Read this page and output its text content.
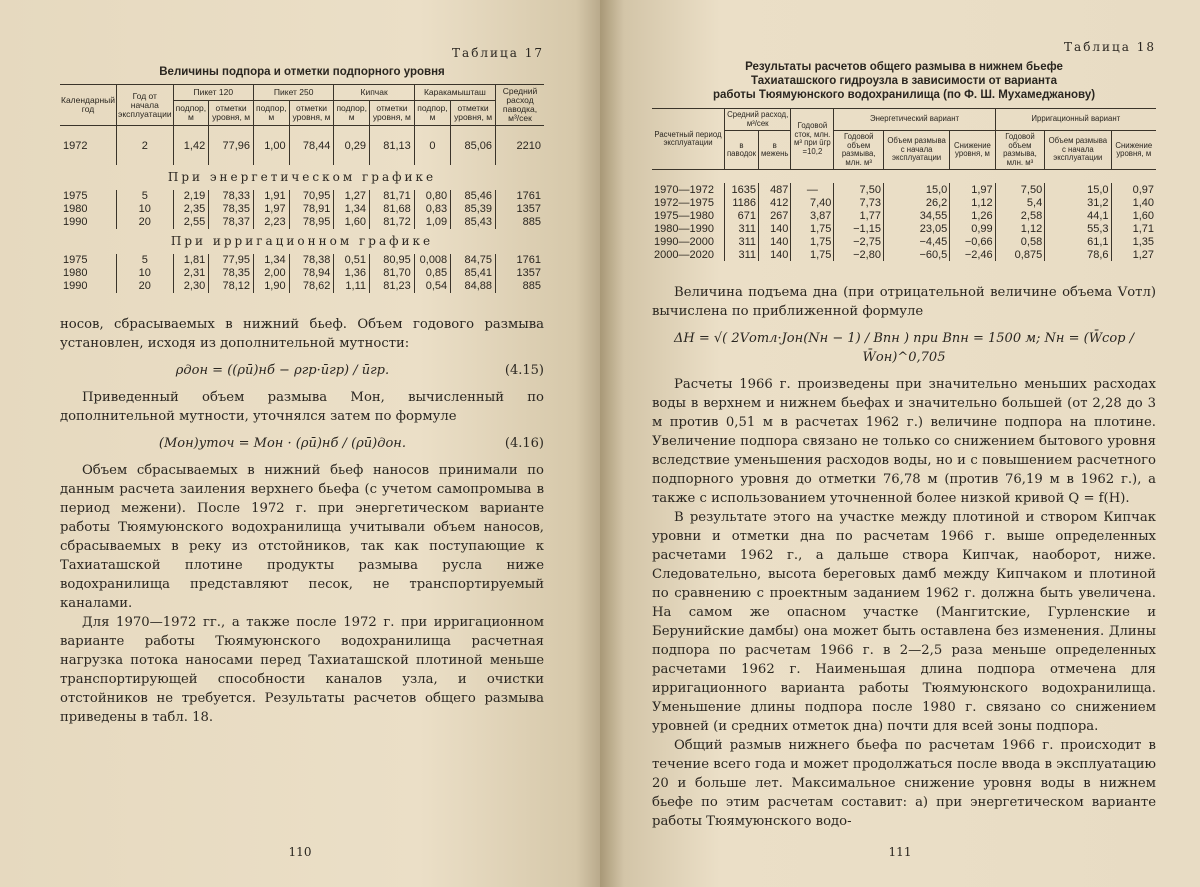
Таблица 17
Величины подпора и отметки подпорного уровня
Календарный год	Год от начала эксплуатации	Пикет 120		Пикет 250		Кипчак		Каракамышташ		Средний расход паводка, м³/сек
		подпор, м	отметки уровня, м	подпор, м	отметки уровня, м	подпор, м	отметки уровня, м	подпор, м	отметки уровня, м	
1972	2	1,42	77,96	1,00	78,44	0,29	81,13	0	85,06	2210
При энергетическом графике										
1975	5	2,19	78,33	1,91	70,95	1,27	81,71	0,80	85,46	1761
1980	10	2,35	78,35	1,97	78,91	1,34	81,68	0,83	85,39	1357
1990	20	2,55	78,37	2,23	78,95	1,60	81,72	1,09	85,43	885
При ирригационном графике										
1975	5	1,81	77,95	1,34	78,38	0,51	80,95	0,008	84,75	1761
1980	10	2,31	78,35	2,00	78,94	1,36	81,70	0,85	85,41	1357
1990	20	2,30	78,12	1,90	78,62	1,11	81,23	0,54	84,88	885

носов, сбрасываемых в нижний бьеф. Объем годового размыва установлен, исходя из дополнительной мутности:

ρдон = ((ρū)нб − ρгр·ūгр) / ūгр.	(4.15)

Приведенный объем размыва Mон, вычисленный по дополнительной мутности, уточнялся затем по формуле

(Mон)уточ = Mон · (ρū)нб / (ρū)дон.	(4.16)

Объем сбрасываемых в нижний бьеф наносов принимали по данным расчета заиления верхнего бьефа (с учетом самопромыва в период межени). После 1972 г. при энергетическом варианте работы Тюямуюнского водохранилища учитывали объем наносов, сбрасываемых в реку из отстойников, так как поступающие к Тахиаташской плотине продукты размыва русла ниже водохранилища представляют песок, не транспортируемый каналами.

Для 1970—1972 гг., а также после 1972 г. при ирригационном варианте работы Тюямуюнского водохранилища расчетная нагрузка потока наносами перед Тахиаташской плотиной меньше транспортирующей способности каналов узла, и очистки отстойников не требуется. Результаты расчетов общего размыва приведены в табл. 18.

110
Таблица 18
Результаты расчетов общего размыва в нижнем бьефе
Тахиаташского гидроузла в зависимости от варианта
работы Тюямуюнского водохранилища (по Ф. Ш. Мухамеджанову)
Расчетный период эксплуатации	Средний расход, м³/сек		Годовой сток, млн. м³ при ūгр =10,2	Энергетический вариант			Ирригационный вариант		
	в паводок	в межень		Годовой объем размыва, млн. м³	Объем размыва с начала эксплуатации	Снижение уровня, м	Годовой объем размыва, млн. м³	Объем размыва с начала эксплуатации	Снижение уровня, м

1970—1972	1635	487	—	7,50	15,0	1,97	7,50	15,0	0,97
1972—1975	1186	412	7,40	7,73	26,2	1,12	5,4	31,2	1,40
1975—1980	671	267	3,87	1,77	34,55	1,26	2,58	44,1	1,60
1980—1990	311	140	1,75	−1,15	23,05	0,99	1,12	55,3	1,71
1990—2000	311	140	1,75	−2,75	−4,45	−0,66	0,58	61,1	1,35
2000—2020	311	140	1,75	−2,80	−60,5	−2,46	0,875	78,6	1,27

Величина подъема дна (при отрицательной величине объема Vотл) вычислена по приближенной формуле

ΔH = √( 2Vотл·Jон(Nн − 1) / Bпн ) при Bпн = 1500 м; Nн = (W̄сор / W̄он)^0,705

Расчеты 1966 г. произведены при значительно меньших расходах воды в верхнем и нижнем бьефах и значительно большей (от 2,28 до 3 м против 0,51 м в расчетах 1962 г.) величине подпора на плотине. Увеличение подпора связано не только со снижением бытового уровня вследствие уменьшения расходов воды, но и с повышением расчетного подпорного уровня до отметки 76,78 м (против 76,19 м в 1962 г.), а также с использованием уточненной более низкой кривой Q = f(H).

В результате этого на участке между плотиной и створом Кипчак уровни и отметки дна по расчетам 1966 г. выше определенных расчетами 1962 г., а дальше створа Кипчак, наоборот, ниже. Следовательно, высота береговых дамб между Кипчаком и плотиной по сравнению с проектным заданием 1962 г. должна быть увеличена. На самом же опасном участке (Мангитские, Гурленские и Берунийские дамбы) она может быть оставлена без изменения. Длины подпора по расчетам 1966 г. в 2—2,5 раза меньше определенных расчетами 1962 г. Наименьшая длина подпора отмечена для ирригационного варианта работы Тюямуюнского водохранилища. Уменьшение длины подпора после 1980 г. связано со снижением уровней (и средних отметок дна) почти для всей зоны подпора.

Общий размыв нижнего бьефа по расчетам 1966 г. происходит в течение всего года и может продолжаться после ввода в эксплуатацию 20 и больше лет. Максимальное снижение уровня воды в нижнем бьефе по этим расчетам составит: а) при энергетическом варианте работы Тюямуюнского водо-

111
